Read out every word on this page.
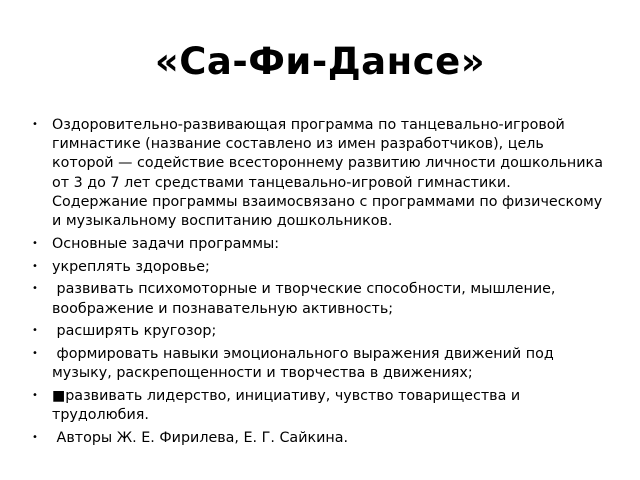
«Са-Фи-Дансе»
• Оздоровительно-развивающая программа по танцевально-игровой гимнастике (название составлено из имен разработчиков), цель которой — содействие всестороннему развитию личности дошкольника от 3 до 7 лет средствами танцевально-игровой гимнастики. Содержание программы взаимосвязано с программами по физическому и музыкальному воспитанию дошкольников.
• Основные задачи программы:
• укреплять здоровье;
• развивать психомоторные и творческие способности, мышление, воображение и познавательную активность;
• расширять кругозор;
• формировать навыки эмоционального выражения движений под музыку, раскрепощенности и творчества в движениях;
• ■развивать лидерство, инициативу, чувство товарищества и трудолюбия.
• Авторы Ж. Е. Фирилева, Е. Г. Сайкина.
